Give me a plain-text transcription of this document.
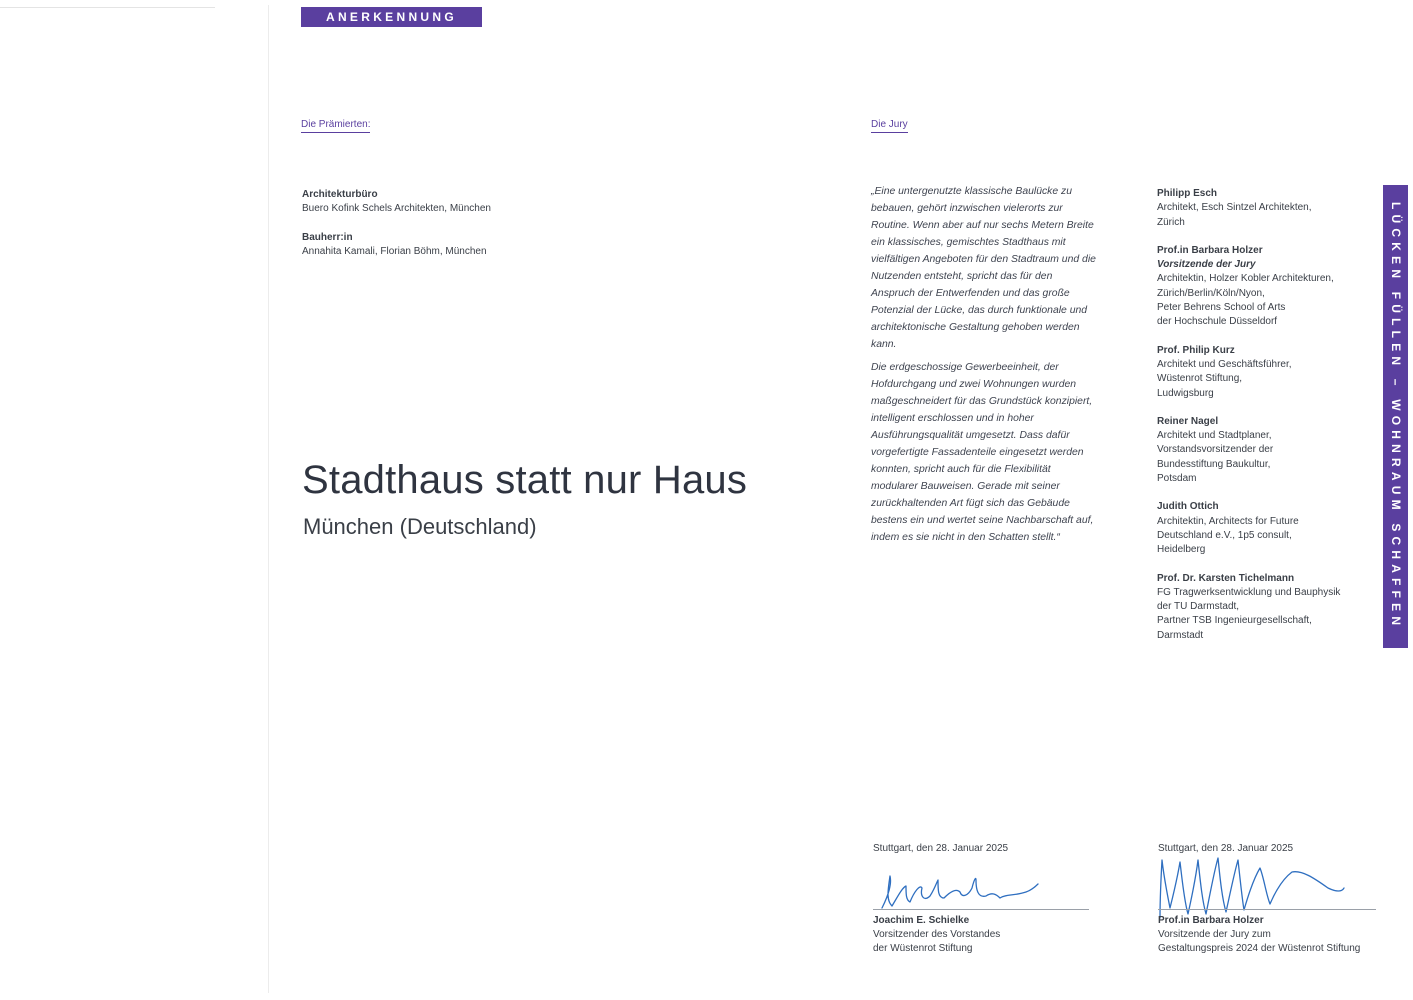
ANERKENNUNG
Die Prämierten:
Architekturbüro
Buero Kofink Schels Architekten, München
Bauherr:in
Annahita Kamali, Florian Böhm, München
Stadthaus statt nur Haus
München (Deutschland)
Die Jury

„Eine untergenutzte klassische Baulücke zu bebauen, gehört inzwischen vielerorts zur Routine. Wenn aber auf nur sechs Metern Breite ein klassisches, gemischtes Stadthaus mit vielfältigen Angeboten für den Stadtraum und die Nutzenden entsteht, spricht das für den Anspruch der Entwerfenden und das große Potenzial der Lücke, das durch funktionale und architektonische Gestaltung gehoben werden kann.

Die erdgeschossige Gewerbeeinheit, der Hofdurchgang und zwei Wohnungen wurden maßgeschneidert für das Grundstück konzipiert, intelligent erschlossen und in hoher Ausführungsqualität umgesetzt. Dass dafür vorgefertigte Fassadenteile eingesetzt werden konnten, spricht auch für die Flexibilität modularer Bauweisen. Gerade mit seiner zurückhaltenden Art fügt sich das Gebäude bestens ein und wertet seine Nachbarschaft auf, indem es sie nicht in den Schatten stellt.“

Philipp Esch
Architekt, Esch Sintzel Architekten,
Zürich
Prof.in Barbara Holzer
Vorsitzende der Jury
Architektin, Holzer Kobler Architekturen,
Zürich/Berlin/Köln/Nyon,
Peter Behrens School of Arts
der Hochschule Düsseldorf
Prof. Philip Kurz
Architekt und Geschäftsführer,
Wüstenrot Stiftung,
Ludwigsburg
Reiner Nagel
Architekt und Stadtplaner,
Vorstandsvorsitzender der
Bundesstiftung Baukultur,
Potsdam
Judith Ottich
Architektin, Architects for Future
Deutschland e.V., 1p5 consult,
Heidelberg
Prof. Dr. Karsten Tichelmann
FG Tragwerksentwicklung und Bauphysik
der TU Darmstadt,
Partner TSB Ingenieurgesellschaft,
Darmstadt
LÜCKEN FÜLLEN – WOHNRAUM SCHAFFEN
Stuttgart, den 28. Januar 2025
Joachim E. Schielke
Vorsitzender des Vorstandes
der Wüstenrot Stiftung
Stuttgart, den 28. Januar 2025
Prof.in Barbara Holzer
Vorsitzende der Jury zum
Gestaltungspreis 2024 der Wüstenrot Stiftung
